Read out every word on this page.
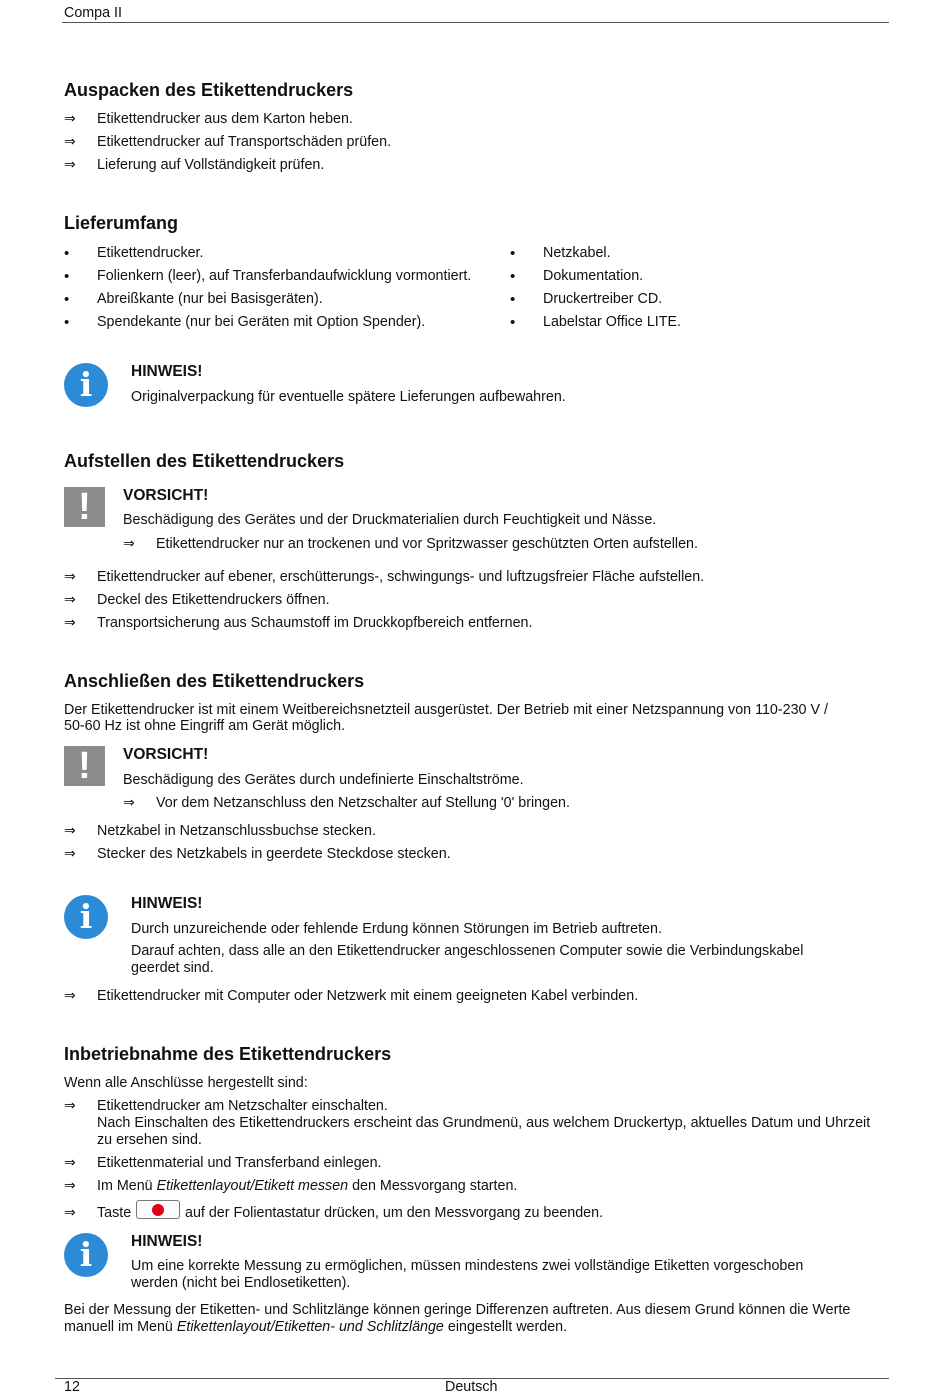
Compa II
Auspacken des Etikettendruckers
⇒ Etikettendrucker aus dem Karton heben.
⇒ Etikettendrucker auf Transportschäden prüfen.
⇒ Lieferung auf Vollständigkeit prüfen.
Lieferumfang
• Etikettendrucker.
• Folienkern (leer), auf Transferbandaufwicklung vormontiert.
• Abreißkante (nur bei Basisgeräten).
• Spendekante (nur bei Geräten mit Option Spender).
• Netzkabel.
• Dokumentation.
• Druckertreiber CD.
• Labelstar Office LITE.
i	HINWEIS!
Originalverpackung für eventuelle spätere Lieferungen aufbewahren.
Aufstellen des Etikettendruckers
!	VORSICHT!
Beschädigung des Gerätes und der Druckmaterialien durch Feuchtigkeit und Nässe.
⇒ Etikettendrucker nur an trockenen und vor Spritzwasser geschützten Orten aufstellen.
⇒ Etikettendrucker auf ebener, erschütterungs-, schwingungs- und luftzugsfreier Fläche aufstellen.
⇒ Deckel des Etikettendruckers öffnen.
⇒ Transportsicherung aus Schaumstoff im Druckkopfbereich entfernen.
Anschließen des Etikettendruckers
Der Etikettendrucker ist mit einem Weitbereichsnetzteil ausgerüstet. Der Betrieb mit einer Netzspannung von 110-230 V /
50-60 Hz ist ohne Eingriff am Gerät möglich.
!	VORSICHT!
Beschädigung des Gerätes durch undefinierte Einschaltströme.
⇒ Vor dem Netzanschluss den Netzschalter auf Stellung '0' bringen.
⇒ Netzkabel in Netzanschlussbuchse stecken.
⇒ Stecker des Netzkabels in geerdete Steckdose stecken.
i	HINWEIS!
Durch unzureichende oder fehlende Erdung können Störungen im Betrieb auftreten.
Darauf achten, dass alle an den Etikettendrucker angeschlossenen Computer sowie die Verbindungskabel
geerdet sind.
⇒ Etikettendrucker mit Computer oder Netzwerk mit einem geeigneten Kabel verbinden.
Inbetriebnahme des Etikettendruckers
Wenn alle Anschlüsse hergestellt sind:
⇒ Etikettendrucker am Netzschalter einschalten.
Nach Einschalten des Etikettendruckers erscheint das Grundmenü, aus welchem Druckertyp, aktuelles Datum und Uhrzeit
zu ersehen sind.
⇒ Etikettenmaterial und Transferband einlegen.
⇒ Im Menü Etikettenlayout/Etikett messen den Messvorgang starten.
⇒ Taste	auf der Folientastatur drücken, um den Messvorgang zu beenden.
i	HINWEIS!
Um eine korrekte Messung zu ermöglichen, müssen mindestens zwei vollständige Etiketten vorgeschoben
werden (nicht bei Endlosetiketten).
Bei der Messung der Etiketten- und Schlitzlänge können geringe Differenzen auftreten. Aus diesem Grund können die Werte
manuell im Menü Etikettenlayout/Etiketten- und Schlitzlänge eingestellt werden.
12	Deutsch
